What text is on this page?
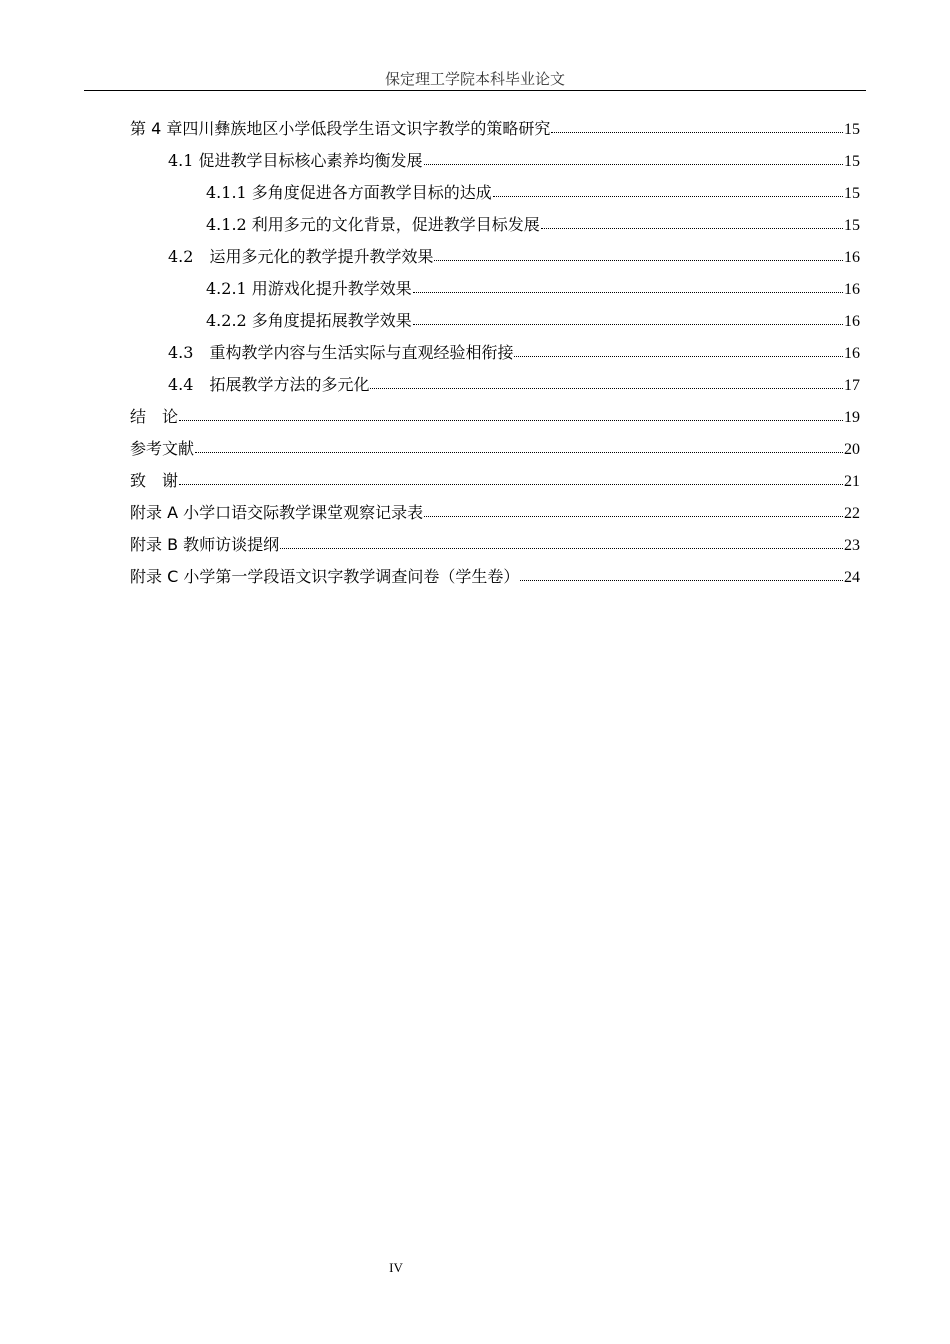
保定理工学院本科毕业论文
第 4 章四川彝族地区小学低段学生语文识字教学的策略研究	15
4.1 促进教学目标核心素养均衡发展	15
4.1.1 多角度促进各方面教学目标的达成	15
4.1.2 利用多元的文化背景，促进教学目标发展	15
4.2　运用多元化的教学提升教学效果	16
4.2.1 用游戏化提升教学效果	16
4.2.2 多角度提拓展教学效果	16
4.3　重构教学内容与生活实际与直观经验相衔接	16
4.4　拓展教学方法的多元化	17
结　论	19
参考文献	20
致　谢	21
附录 A 小学口语交际教学课堂观察记录表	22
附录 B 教师访谈提纲	23
附录 C 小学第一学段语文识字教学调查问卷（学生卷）	24
IV
